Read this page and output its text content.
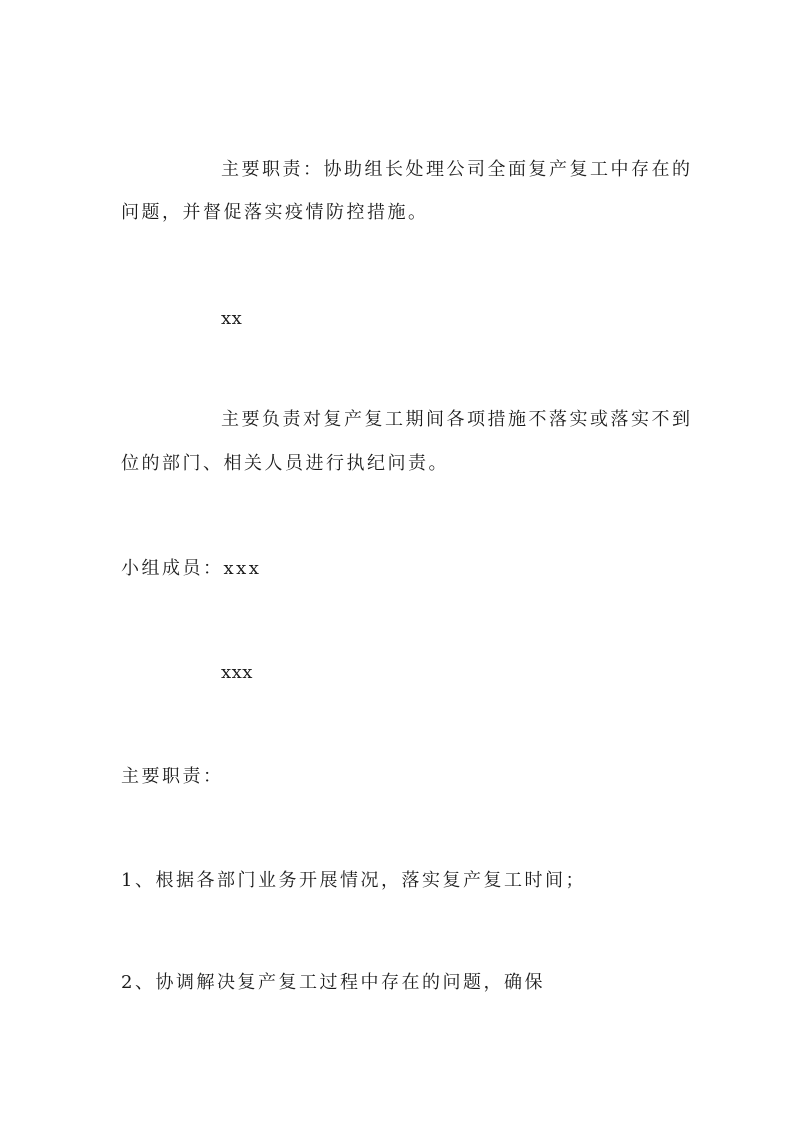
主要职责：协助组长处理公司全面复产复工中存在的
问题，并督促落实疫情防控措施。
xx
主要负责对复产复工期间各项措施不落实或落实不到
位的部门、相关人员进行执纪问责。
小组成员：xxx
xxx
主要职责：
1、根据各部门业务开展情况，落实复产复工时间；
2、协调解决复产复工过程中存在的问题，确保
